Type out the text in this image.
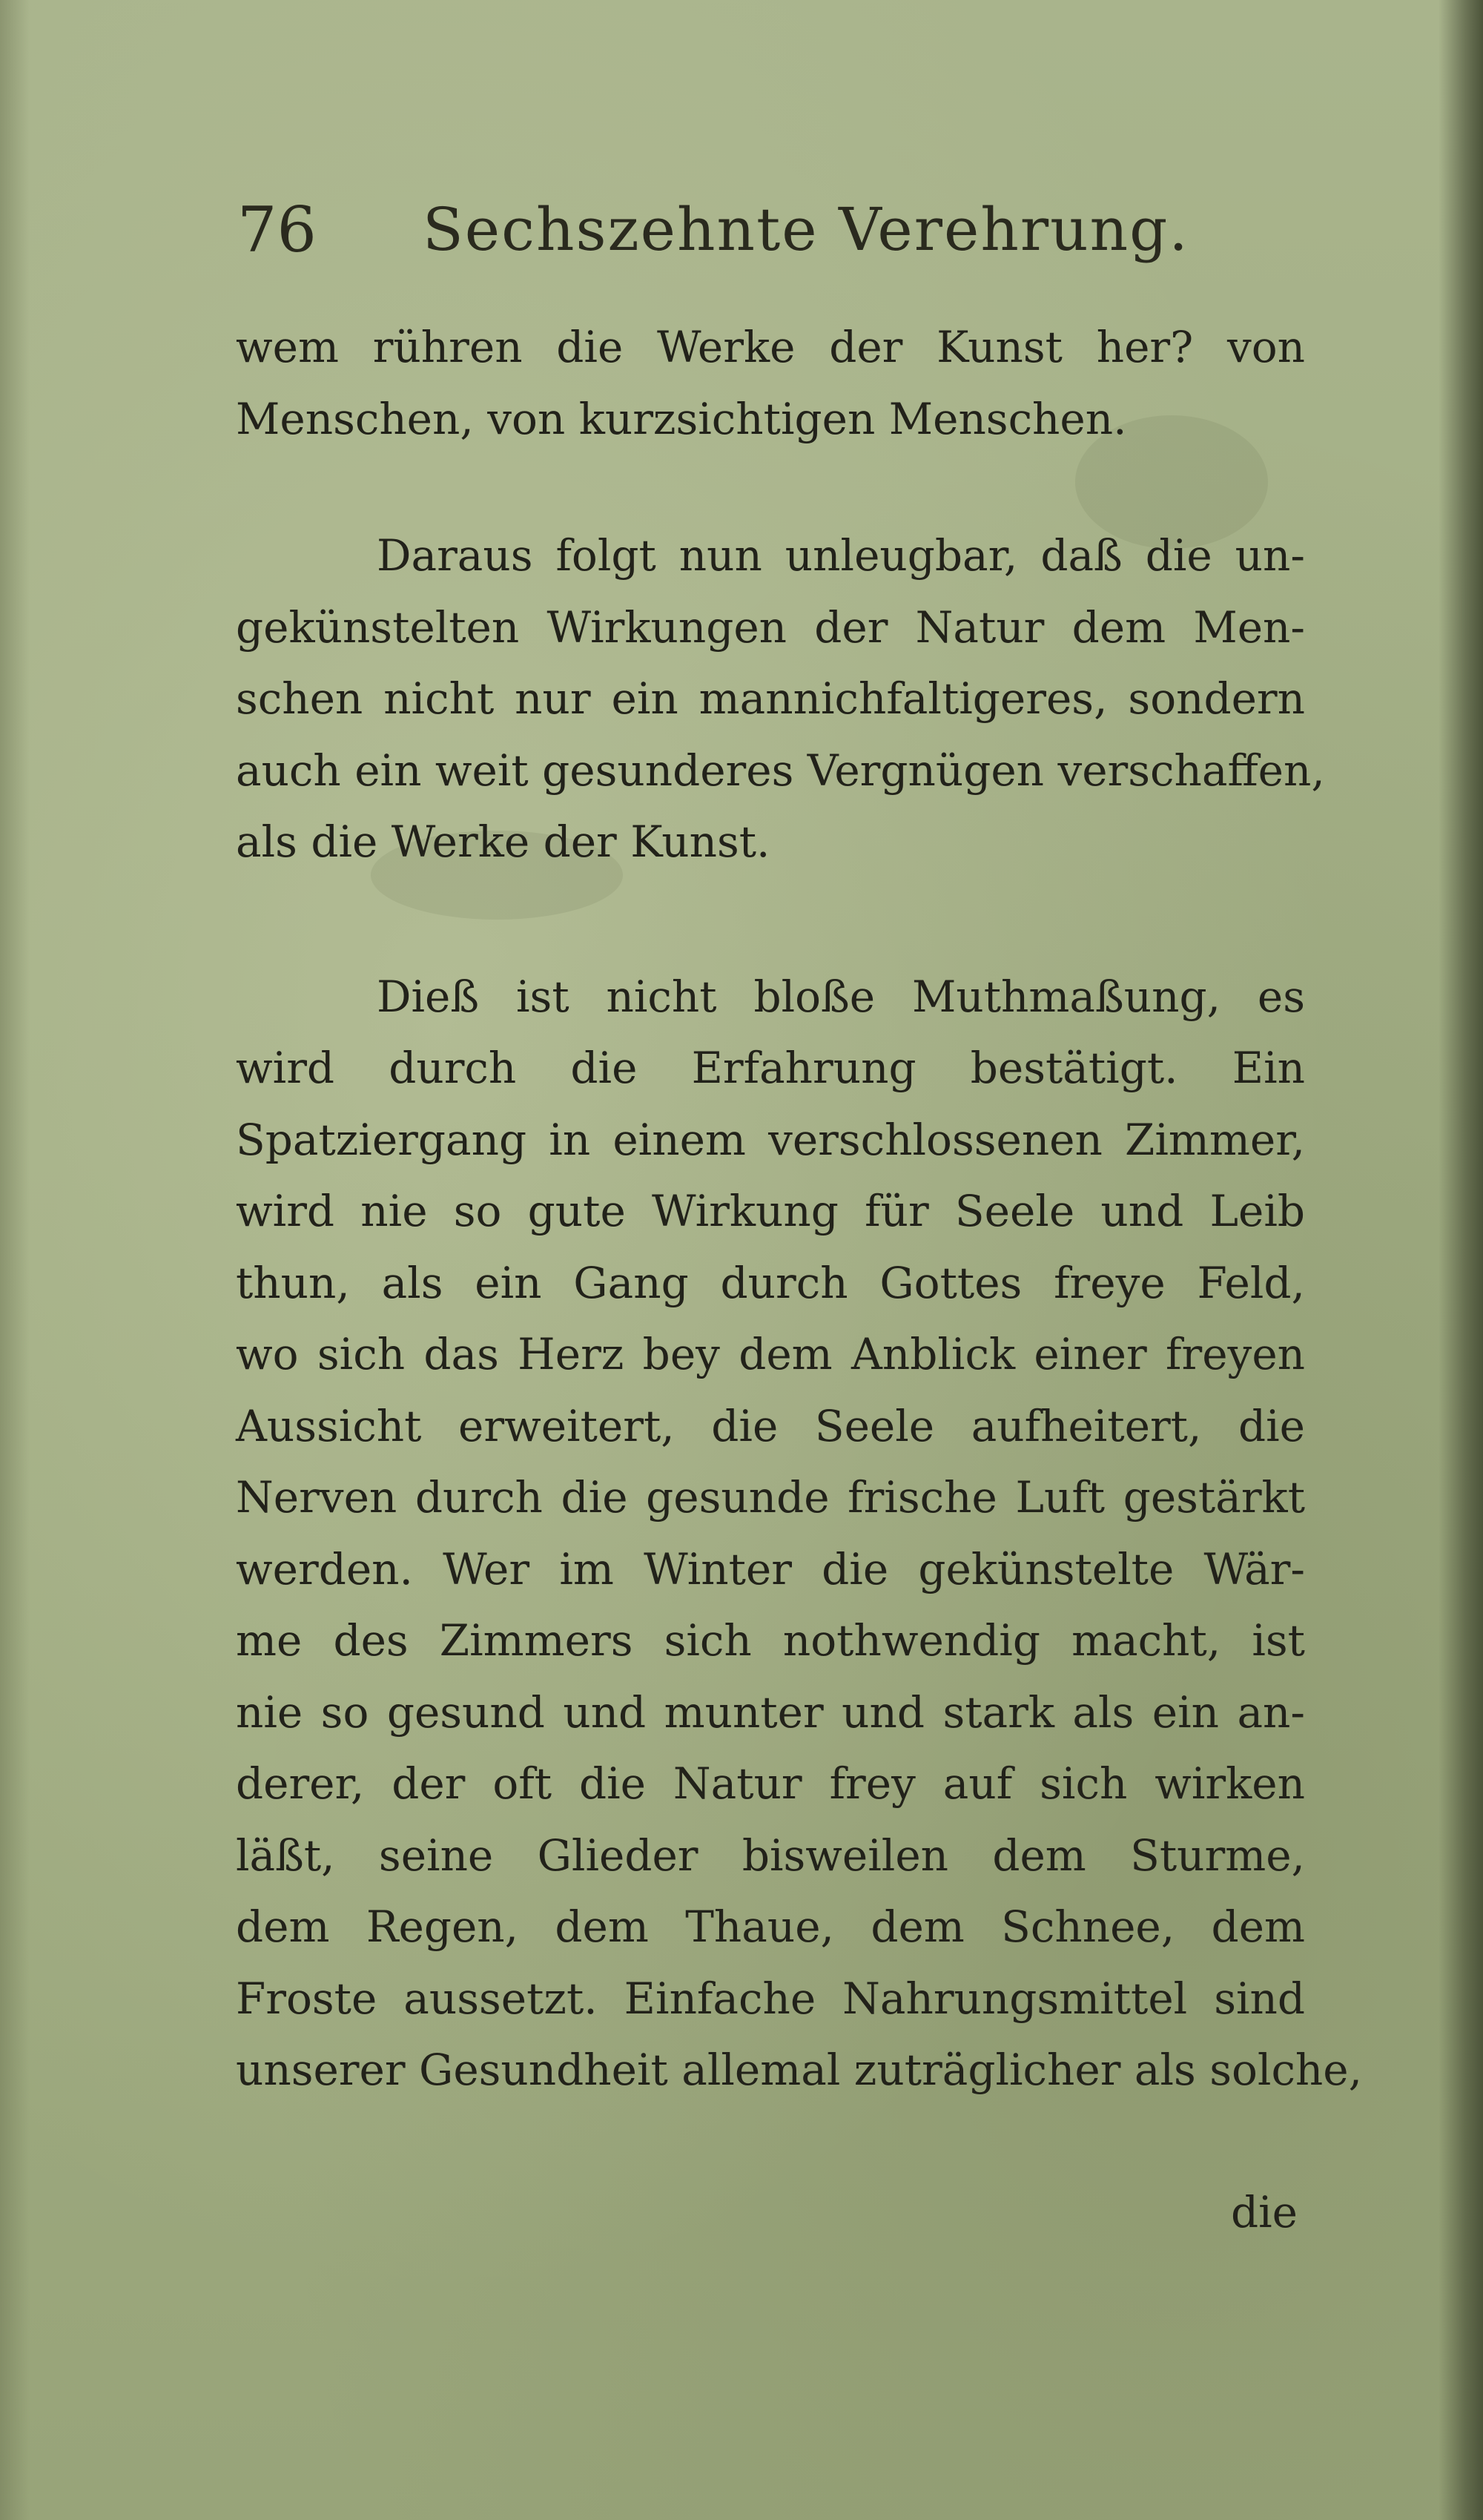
76 Sechszehnte Verehrung.
wem rühren die Werke der Kunst her? von
Menschen, von kurzsichtigen Menschen.
Daraus folgt nun unleugbar, daß die un-
gekünstelten Wirkungen der Natur dem Men-
schen nicht nur ein mannichfaltigeres, sondern
auch ein weit gesunderes Vergnügen verschaffen,
als die Werke der Kunst.
Dieß ist nicht bloße Muthmaßung, es
wird durch die Erfahrung bestätigt. Ein
Spatziergang in einem verschlossenen Zimmer,
wird nie so gute Wirkung für Seele und Leib
thun, als ein Gang durch Gottes freye Feld,
wo sich das Herz bey dem Anblick einer freyen
Aussicht erweitert, die Seele aufheitert, die
Nerven durch die gesunde frische Luft gestärkt
werden. Wer im Winter die gekünstelte Wär-
me des Zimmers sich nothwendig macht, ist
nie so gesund und munter und stark als ein an-
derer, der oft die Natur frey auf sich wirken
läßt, seine Glieder bisweilen dem Sturme,
dem Regen, dem Thaue, dem Schnee, dem
Froste aussetzt. Einfache Nahrungsmittel sind
unserer Gesundheit allemal zuträglicher als solche,
die
